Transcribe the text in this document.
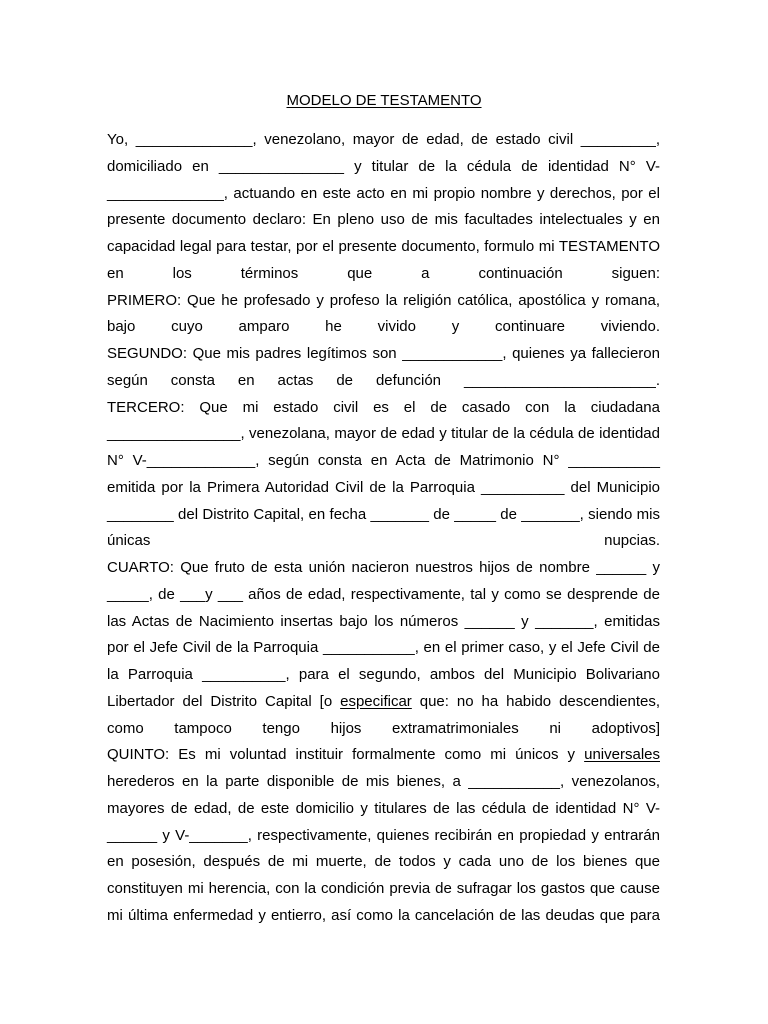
MODELO DE TESTAMENTO
Yo, ______________, venezolano, mayor de edad, de estado civil _________,
domiciliado en _______________ y titular de la cédula de identidad N° V-
______________, actuando en este acto en mi propio nombre y derechos, por el
presente documento declaro: En pleno uso de mis facultades intelectuales y en
capacidad legal para testar, por el presente documento, formulo mi TESTAMENTO
en los términos que a continuación siguen:
PRIMERO: Que he profesado y profeso la religión católica, apostólica y romana,
bajo cuyo amparo he vivido y continuare viviendo.
SEGUNDO: Que mis padres legítimos son ____________, quienes ya fallecieron
según consta en actas de defunción _______________________.
TERCERO: Que mi estado civil es el de casado con la ciudadana
________________, venezolana, mayor de edad y titular de la cédula de identidad
N° V-_____________, según consta en Acta de Matrimonio N° ___________
emitida por la Primera Autoridad Civil de la Parroquia __________ del Municipio
________ del Distrito Capital, en fecha _______ de _____ de _______, siendo mis
únicas nupcias.
CUARTO: Que fruto de esta unión nacieron nuestros hijos de nombre ______ y
_____, de ___y ___ años de edad, respectivamente, tal y como se desprende de
las Actas de Nacimiento insertas bajo los números ______ y _______, emitidas
por el Jefe Civil de la Parroquia ___________, en el primer caso, y el Jefe Civil de
la Parroquia __________, para el segundo, ambos del Municipio Bolivariano
Libertador del Distrito Capital [o especificar que: no ha habido descendientes,
como tampoco tengo hijos extramatrimoniales ni adoptivos]
QUINTO: Es mi voluntad instituir formalmente como mi únicos y universales
herederos en la parte disponible de mis bienes, a ___________, venezolanos,
mayores de edad, de este domicilio y titulares de las cédula de identidad N° V-
______ y V-_______, respectivamente, quienes recibirán en propiedad y entrarán
en posesión, después de mi muerte, de todos y cada uno de los bienes que
constituyen mi herencia, con la condición previa de sufragar los gastos que cause
mi última enfermedad y entierro, así como la cancelación de las deudas que para
